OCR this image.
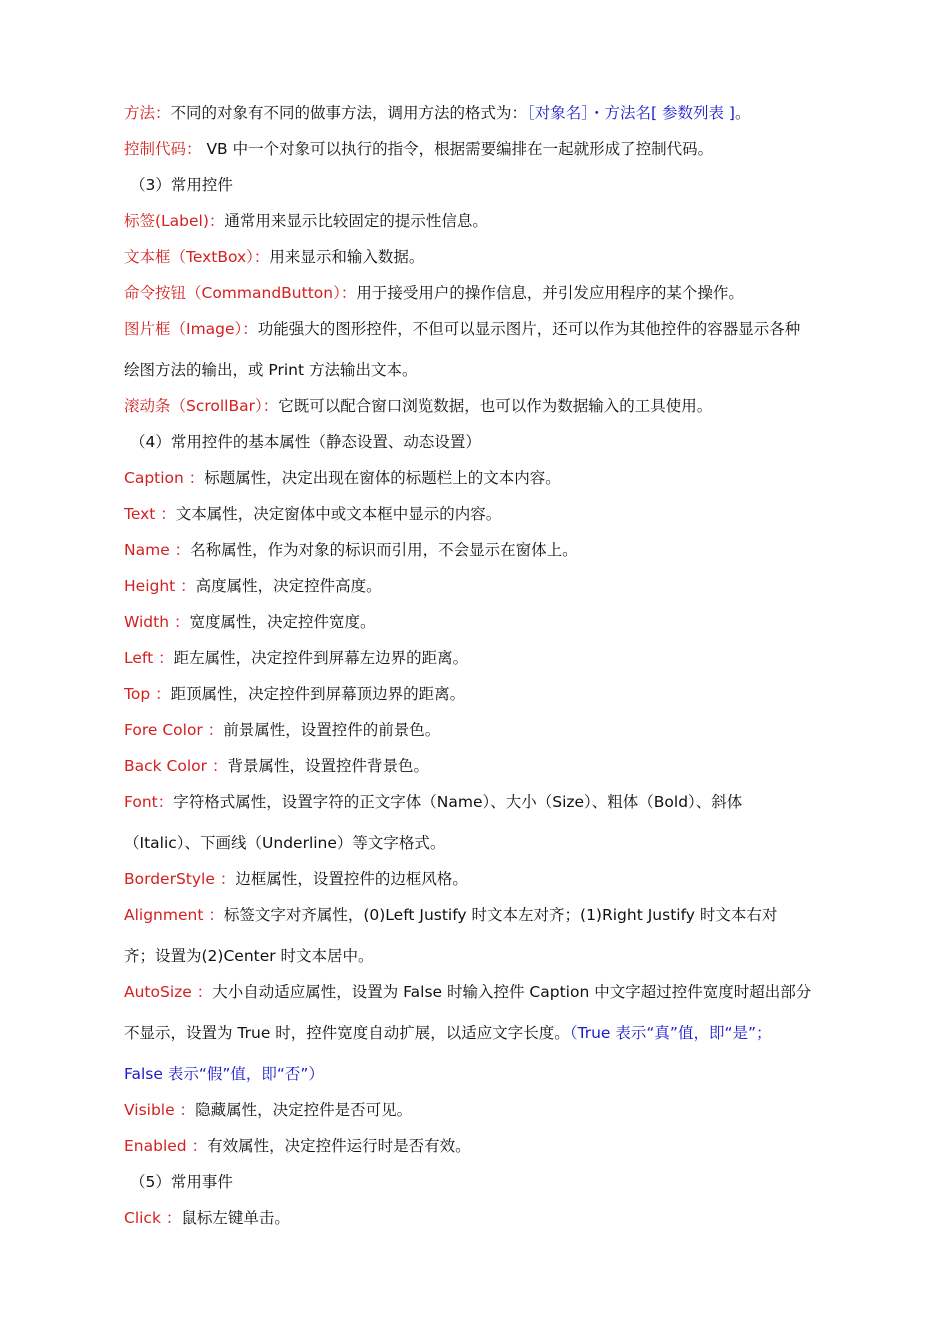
方法：不同的对象有不同的做事方法，调用方法的格式为：［对象名］・方法名[ 参数列表 ]。
控制代码： VB 中一个对象可以执行的指令，根据需要编排在一起就形成了控制代码。
（3）常用控件
标签(Label)：通常用来显示比较固定的提示性信息。
文本框（TextBox）：用来显示和输入数据。
命令按钮（CommandButton）：用于接受用户的操作信息，并引发应用程序的某个操作。
图片框（Image）：功能强大的图形控件，不但可以显示图片，还可以作为其他控件的容器显示各种
绘图方法的输出，或 Print 方法输出文本。
滚动条（ScrollBar）：它既可以配合窗口浏览数据，也可以作为数据输入的工具使用。
（4）常用控件的基本属性（静态设置、动态设置）
Caption ：标题属性，决定出现在窗体的标题栏上的文本内容。
Text ：文本属性，决定窗体中或文本框中显示的内容。
Name ：名称属性，作为对象的标识而引用，不会显示在窗体上。
Height ：高度属性，决定控件高度。
Width ：宽度属性，决定控件宽度。
Left ：距左属性，决定控件到屏幕左边界的距离。
Top ：距顶属性，决定控件到屏幕顶边界的距离。
Fore Color ：前景属性，设置控件的前景色。
Back Color ：背景属性，设置控件背景色。
Font：字符格式属性，设置字符的正文字体（Name）、大小（Size）、粗体（Bold）、斜体
（Italic）、下画线（Underline）等文字格式。
BorderStyle ：边框属性，设置控件的边框风格。
Alignment ：标签文字对齐属性，(0)Left Justify 时文本左对齐；(1)Right Justify 时文本右对
齐；设置为(2)Center 时文本居中。
AutoSize ：大小自动适应属性，设置为 False 时输入控件 Caption 中文字超过控件宽度时超出部分
不显示，设置为 True 时，控件宽度自动扩展，以适应文字长度。（True 表示“真”值，即“是”；
False 表示“假”值，即“否”）
Visible ：隐藏属性，决定控件是否可见。
Enabled ：有效属性，决定控件运行时是否有效。
（5）常用事件
Click ：鼠标左键单击。
